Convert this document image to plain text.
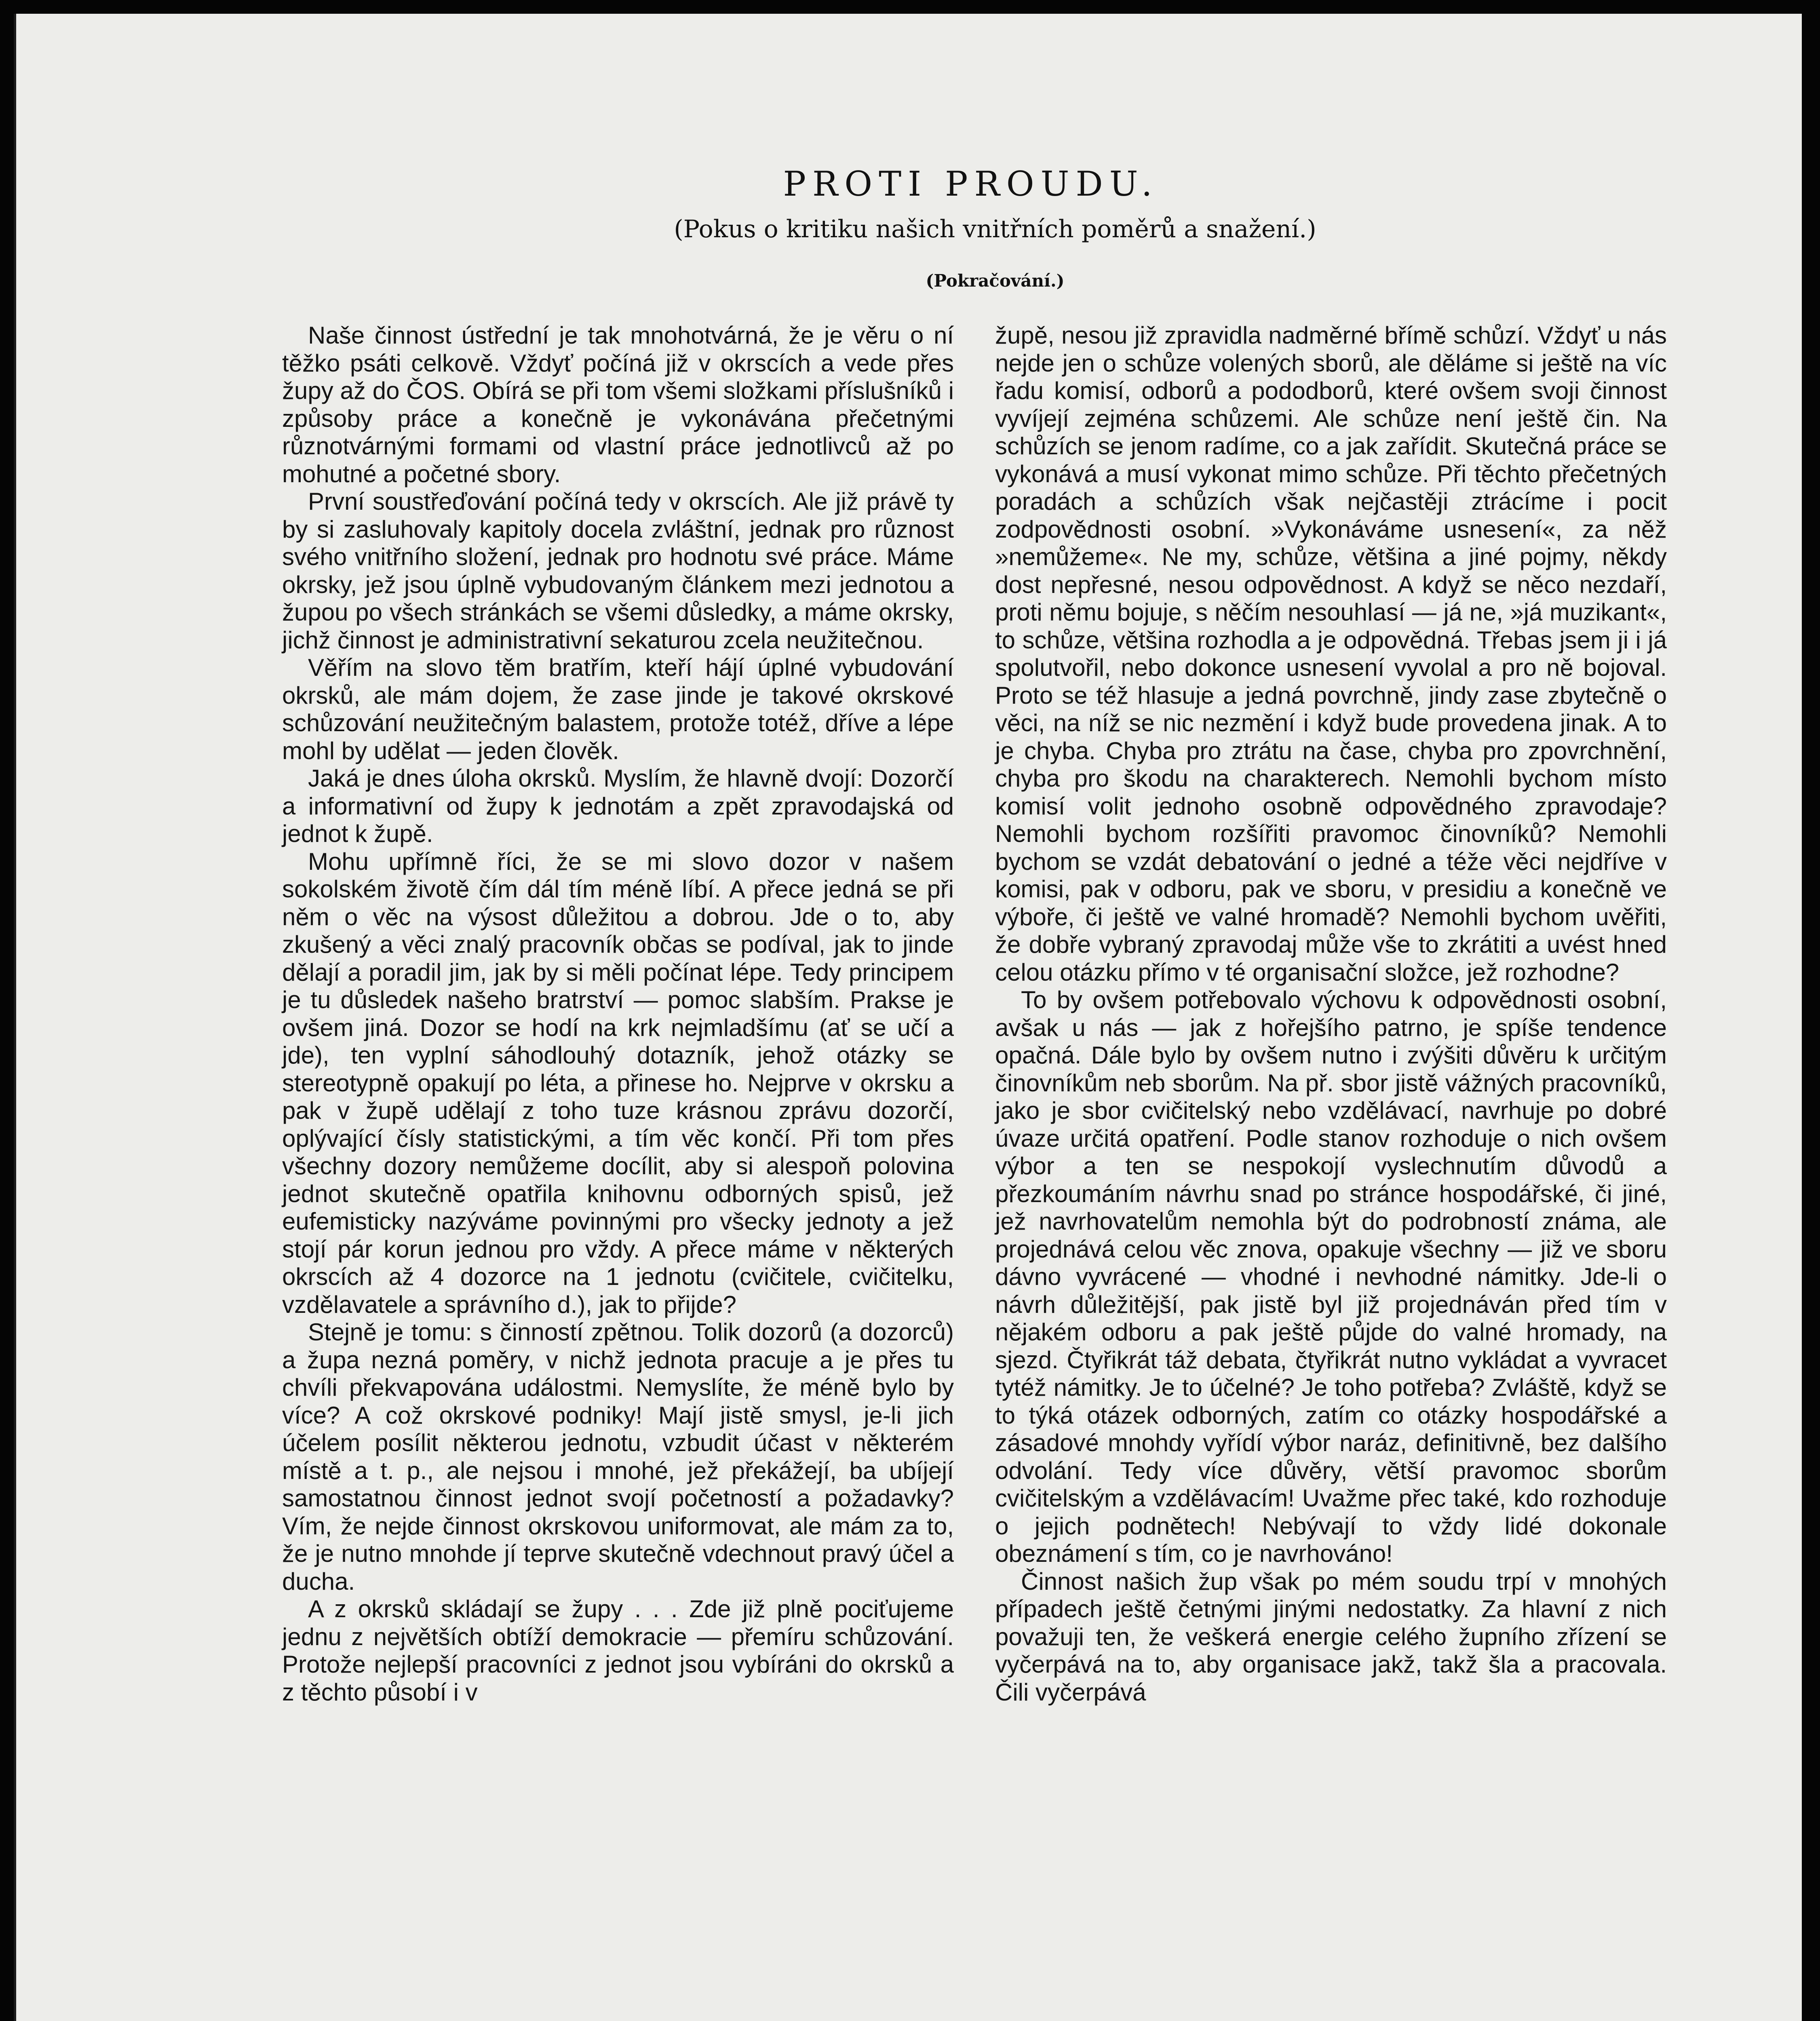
PROTI PROUDU.
(Pokus o kritiku našich vnitřních poměrů a snažení.)
(Pokračování.)

Naše činnost ústřední je tak mnohotvárná, že je věru o ní těžko psáti celkově. Vždyť počíná již v okrscích a vede přes župy až do ČOS. Obírá se při tom všemi složkami příslušníků i způsoby práce a konečně je vykonávána přečetnými různotvárnými formami od vlastní práce jednotlivců až po mohutné a početné sbory.

První soustřeďování počíná tedy v okrscích. Ale již právě ty by si zasluhovaly kapitoly docela zvláštní, jednak pro různost svého vnitřního složení, jednak pro hodnotu své práce. Máme okrsky, jež jsou úplně vybudovaným článkem mezi jednotou a župou po všech stránkách se všemi důsledky, a máme okrsky, jichž činnost je administrativní sekaturou zcela neužitečnou.

Věřím na slovo těm bratřím, kteří hájí úplné vybudování okrsků, ale mám dojem, že zase jinde je takové okrskové schůzování neužitečným balastem, protože totéž, dříve a lépe mohl by udělat — jeden člověk.

Jaká je dnes úloha okrsků. Myslím, že hlavně dvojí: Dozorčí a informativní od župy k jednotám a zpět zpravodajská od jednot k župě.

Mohu upřímně říci, že se mi slovo dozor v našem sokolském životě čím dál tím méně líbí. A přece jedná se při něm o věc na výsost důležitou a dobrou. Jde o to, aby zkušený a věci znalý pracovník občas se podíval, jak to jinde dělají a poradil jim, jak by si měli počínat lépe. Tedy principem je tu důsledek našeho bratrství — pomoc slabším. Prakse je ovšem jiná. Dozor se hodí na krk nejmladšímu (ať se učí a jde), ten vyplní sáhodlouhý dotazník, jehož otázky se stereotypně opakují po léta, a přinese ho. Nejprve v okrsku a pak v župě udělají z toho tuze krásnou zprávu dozorčí, oplývající čísly statistickými, a tím věc končí. Při tom přes všechny dozory nemůžeme docílit, aby si alespoň polovina jednot skutečně opatřila knihovnu odborných spisů, jež eufemisticky nazýváme povinnými pro všecky jednoty a jež stojí pár korun jednou pro vždy. A přece máme v některých okrscích až 4 dozorce na 1 jednotu (cvičitele, cvičitelku, vzdělavatele a správního d.), jak to přijde?

Stejně je tomu: s činností zpětnou. Tolik dozorů (a dozorců) a župa nezná poměry, v nichž jednota pracuje a je přes tu chvíli překvapována událostmi. Nemyslíte, že méně bylo by více? A což okrskové podniky! Mají jistě smysl, je-li jich účelem posílit některou jednotu, vzbudit účast v některém místě a t. p., ale nejsou i mnohé, jež překážejí, ba ubíjejí samostatnou činnost jednot svojí početností a požadavky? Vím, že nejde činnost okrskovou uniformovat, ale mám za to, že je nutno mnohde jí teprve skutečně vdechnout pravý účel a ducha.

A z okrsků skládají se župy . . . Zde již plně pociťujeme jednu z největších obtíží demokracie — přemíru schůzování. Protože nejlepší pracovníci z jednot jsou vybíráni do okrsků a z těchto působí i v

župě, nesou již zpravidla nadměrné břímě schůzí. Vždyť u nás nejde jen o schůze volených sborů, ale děláme si ještě na víc řadu komisí, odborů a pododborů, které ovšem svoji činnost vyvíjejí zejména schůzemi. Ale schůze není ještě čin. Na schůzích se jenom radíme, co a jak zařídit. Skutečná práce se vykonává a musí vykonat mimo schůze. Při těchto přečetných poradách a schůzích však nejčastěji ztrácíme i pocit zodpovědnosti osobní. »Vykonáváme usnesení«, za něž »nemůžeme«. Ne my, schůze, většina a jiné pojmy, někdy dost nepřesné, nesou odpovědnost. A když se něco nezdaří, proti němu bojuje, s něčím nesouhlasí — já ne, »já muzikant«, to schůze, většina rozhodla a je odpovědná. Třebas jsem ji i já spolutvořil, nebo dokonce usnesení vyvolal a pro ně bojoval. Proto se též hlasuje a jedná povrchně, jindy zase zbytečně o věci, na níž se nic nezmění i když bude provedena jinak. A to je chyba. Chyba pro ztrátu na čase, chyba pro zpovrchnění, chyba pro škodu na charakterech. Nemohli bychom místo komisí volit jednoho osobně odpovědného zpravodaje? Nemohli bychom rozšířiti pravomoc činovníků? Nemohli bychom se vzdát debatování o jedné a téže věci nejdříve v komisi, pak v odboru, pak ve sboru, v presidiu a konečně ve výboře, či ještě ve valné hromadě? Nemohli bychom uvěřiti, že dobře vybraný zpravodaj může vše to zkrátiti a uvést hned celou otázku přímo v té organisační složce, jež rozhodne?

To by ovšem potřebovalo výchovu k odpovědnosti osobní, avšak u nás — jak z hořejšího patrno, je spíše tendence opačná. Dále bylo by ovšem nutno i zvýšiti důvěru k určitým činovníkům neb sborům. Na př. sbor jistě vážných pracovníků, jako je sbor cvičitelský nebo vzdělávací, navrhuje po dobré úvaze určitá opatření. Podle stanov rozhoduje o nich ovšem výbor a ten se nespokojí vyslechnutím důvodů a přezkoumáním návrhu snad po stránce hospodářské, či jiné, jež navrhovatelům nemohla být do podrobností známa, ale projednává celou věc znova, opakuje všechny — již ve sboru dávno vyvrácené — vhodné i nevhodné námitky. Jde-li o návrh důležitější, pak jistě byl již projednáván před tím v nějakém odboru a pak ještě půjde do valné hromady, na sjezd. Čtyřikrát táž debata, čtyřikrát nutno vykládat a vyvracet tytéž námitky. Je to účelné? Je toho potřeba? Zvláště, když se to týká otázek odborných, zatím co otázky hospodářské a zásadové mnohdy vyřídí výbor naráz, definitivně, bez dalšího odvolání. Tedy více důvěry, větší pravomoc sborům cvičitelským a vzdělávacím! Uvažme přec také, kdo rozhoduje o jejich podnětech! Nebývají to vždy lidé dokonale obeznámení s tím, co je navrhováno!

Činnost našich žup však po mém soudu trpí v mnohých případech ještě četnými jinými nedostatky. Za hlavní z nich považuji ten, že veškerá energie celého župního zřízení se vyčerpává na to, aby organisace jakž, takž šla a pracovala. Čili vyčerpává
